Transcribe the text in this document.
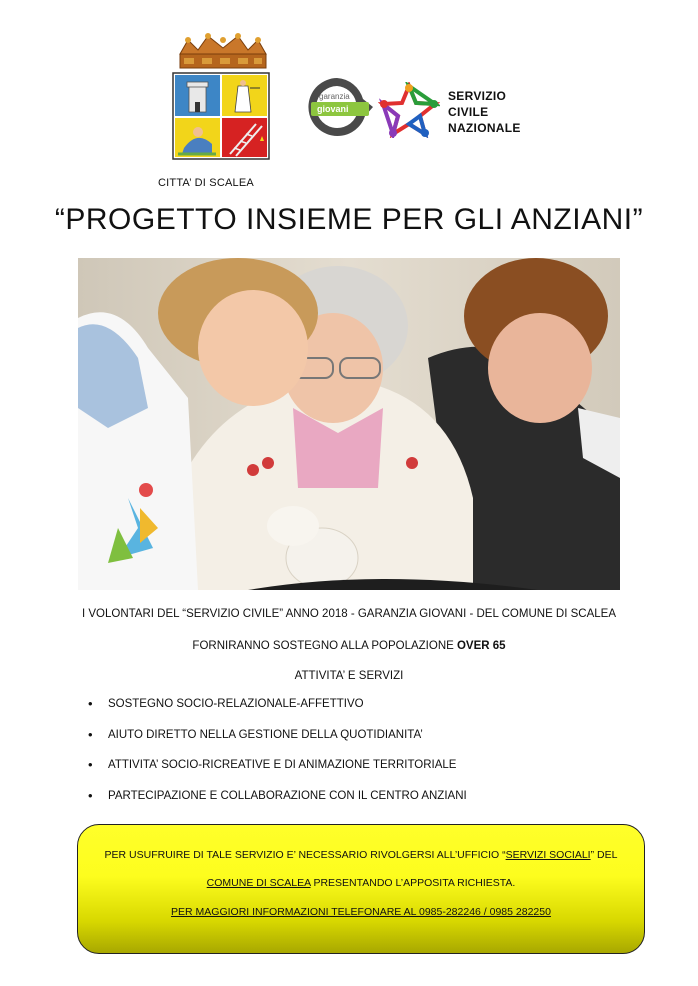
CITTA’ DI SCALEA
garanzia
giovani
SERVIZIO
CIVILE
NAZIONALE
“PROGETTO INSIEME PER GLI ANZIANI”
I VOLONTARI DEL “SERVIZIO CIVILE” ANNO 2018 - GARANZIA GIOVANI - DEL COMUNE DI SCALEA
FORNIRANNO SOSTEGNO ALLA POPOLAZIONE OVER 65
ATTIVITA’ E SERVIZI
• SOSTEGNO SOCIO-RELAZIONALE-AFFETTIVO
• AIUTO DIRETTO NELLA GESTIONE DELLA QUOTIDIANITA’
• ATTIVITA’ SOCIO-RICREATIVE E DI ANIMAZIONE TERRITORIALE
• PARTECIPAZIONE E COLLABORAZIONE CON IL CENTRO ANZIANI
PER USUFRUIRE DI TALE SERVIZIO E’ NECESSARIO RIVOLGERSI ALL’UFFICIO “SERVIZI SOCIALI” DEL
COMUNE DI SCALEA PRESENTANDO L’APPOSITA RICHIESTA.
PER MAGGIORI INFORMAZIONI TELEFONARE AL 0985-282246 / 0985 282250
